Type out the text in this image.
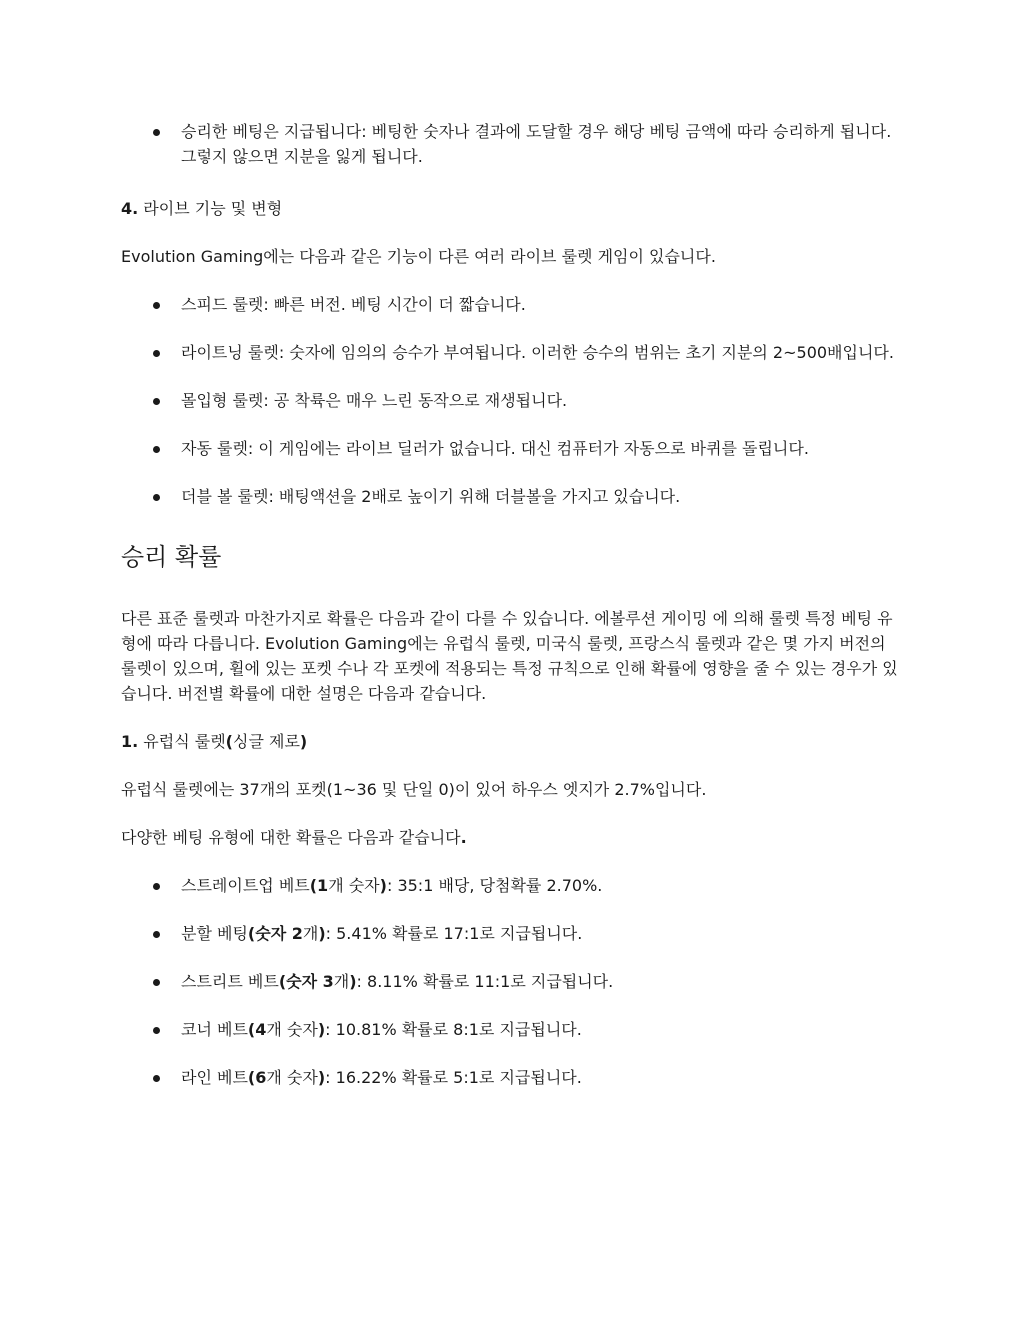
승리한 베팅은 지급됩니다: 베팅한 숫자나 결과에 도달할 경우 해당 베팅 금액에 따라 승리하게 됩니다. 그렇지 않으면 지분을 잃게 됩니다.

4. 라이브 기능 및 변형

Evolution Gaming에는 다음과 같은 기능이 다른 여러 라이브 룰렛 게임이 있습니다.

스피드 룰렛: 빠른 버전. 베팅 시간이 더 짧습니다.
라이트닝 룰렛: 숫자에 임의의 승수가 부여됩니다. 이러한 승수의 범위는 초기 지분의 2~500배입니다.
몰입형 룰렛: 공 착륙은 매우 느린 동작으로 재생됩니다.
자동 룰렛: 이 게임에는 라이브 딜러가 없습니다. 대신 컴퓨터가 자동으로 바퀴를 돌립니다.
더블 볼 룰렛: 배팅액션을 2배로 높이기 위해 더블볼을 가지고 있습니다.
승리 확률

다른 표준 룰렛과 마찬가지로 확률은 다음과 같이 다를 수 있습니다. 에볼루션 게이밍 에 의해 룰렛 특정 베팅 유형에 따라 다릅니다. Evolution Gaming에는 유럽식 룰렛, 미국식 룰렛, 프랑스식 룰렛과 같은 몇 가지 버전의 룰렛이 있으며, 휠에 있는 포켓 수나 각 포켓에 적용되는 특정 규칙으로 인해 확률에 영향을 줄 수 있는 경우가 있습니다. 버전별 확률에 대한 설명은 다음과 같습니다.

1. 유럽식 룰렛(싱글 제로)

유럽식 룰렛에는 37개의 포켓(1~36 및 단일 0)이 있어 하우스 엣지가 2.7%입니다.

다양한 베팅 유형에 대한 확률은 다음과 같습니다.

스트레이트업 베트(1개 숫자): 35:1 배당, 당첨확률 2.70%.
분할 베팅(숫자 2개): 5.41% 확률로 17:1로 지급됩니다.
스트리트 베트(숫자 3개): 8.11% 확률로 11:1로 지급됩니다.
코너 베트(4개 숫자): 10.81% 확률로 8:1로 지급됩니다.
라인 베트(6개 숫자): 16.22% 확률로 5:1로 지급됩니다.
